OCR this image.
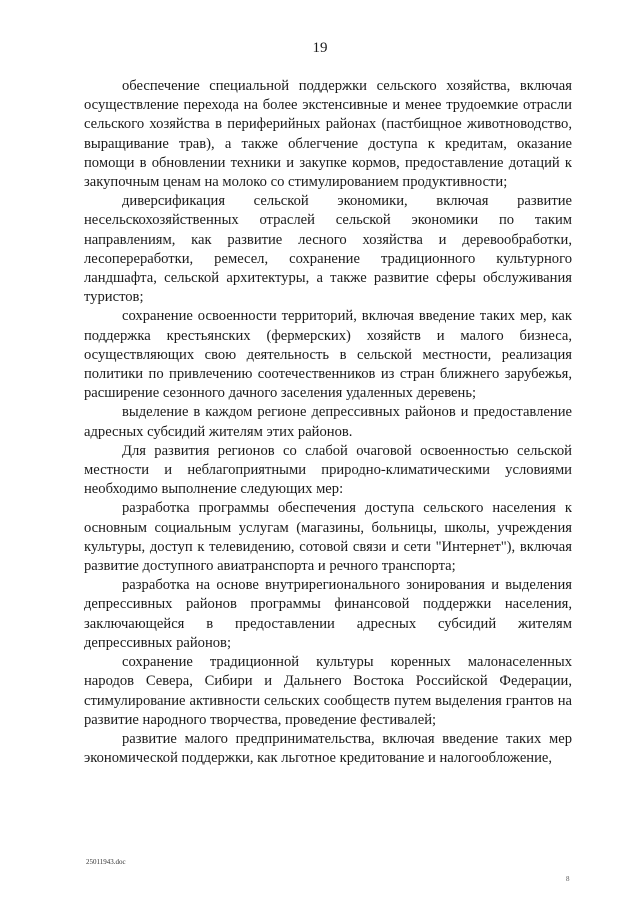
19

обеспечение специальной поддержки сельского хозяйства, включая осуществление перехода на более экстенсивные и менее трудоемкие отрасли сельского хозяйства в периферийных районах (пастбищное животноводство, выращивание трав), а также облегчение доступа к кредитам, оказание помощи в обновлении техники и закупке кормов, предоставление дотаций к закупочным ценам на молоко со стимулированием продуктивности;

диверсификация сельской экономики, включая развитие несельскохозяйственных отраслей сельской экономики по таким направлениям, как развитие лесного хозяйства и деревообработки, лесопереработки, ремесел, сохранение традиционного культурного ландшафта, сельской архитектуры, а также развитие сферы обслуживания туристов;

сохранение освоенности территорий, включая введение таких мер, как поддержка крестьянских (фермерских) хозяйств и малого бизнеса, осуществляющих свою деятельность в сельской местности, реализация политики по привлечению соотечественников из стран ближнего зарубежья, расширение сезонного дачного заселения удаленных деревень;

выделение в каждом регионе депрессивных районов и предоставление адресных субсидий жителям этих районов.

Для развития регионов со слабой очаговой освоенностью сельской местности и неблагоприятными природно-климатическими условиями необходимо выполнение следующих мер:

разработка программы обеспечения доступа сельского населения к основным социальным услугам (магазины, больницы, школы, учреждения культуры, доступ к телевидению, сотовой связи и сети "Интернет"), включая развитие доступного авиатранспорта и речного транспорта;

разработка на основе внутрирегионального зонирования и выделения депрессивных районов программы финансовой поддержки населения, заключающейся в предоставлении адресных субсидий жителям депрессивных районов;

сохранение традиционной культуры коренных малонаселенных народов Севера, Сибири и Дальнего Востока Российской Федерации, стимулирование активности сельских сообществ путем выделения грантов на развитие народного творчества, проведение фестивалей;

развитие малого предпринимательства, включая введение таких мер экономической поддержки, как льготное кредитование и налогообложение,

25011943.doc
8
